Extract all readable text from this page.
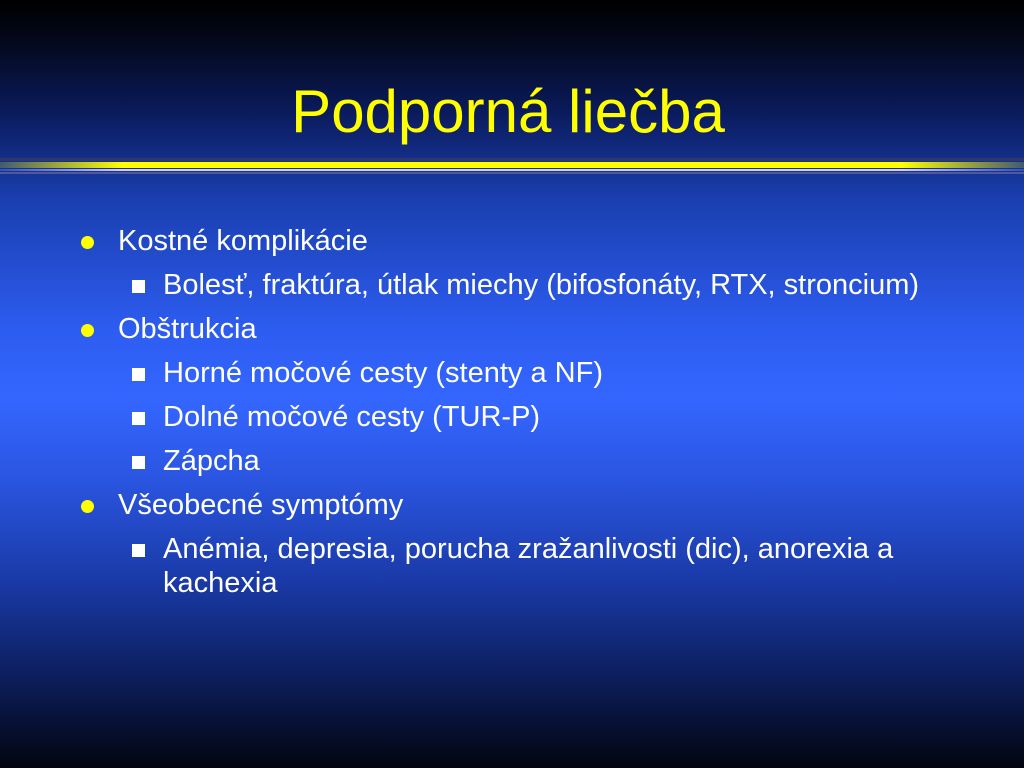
Podporná liečba
Kostné komplikácie
Bolesť, fraktúra, útlak miechy (bifosfonáty, RTX, stroncium)
Obštrukcia
Horné močové cesty (stenty a NF)
Dolné močové cesty (TUR-P)
Zápcha
Všeobecné symptómy
Anémia, depresia, porucha zražanlivosti (dic), anorexia a kachexia
